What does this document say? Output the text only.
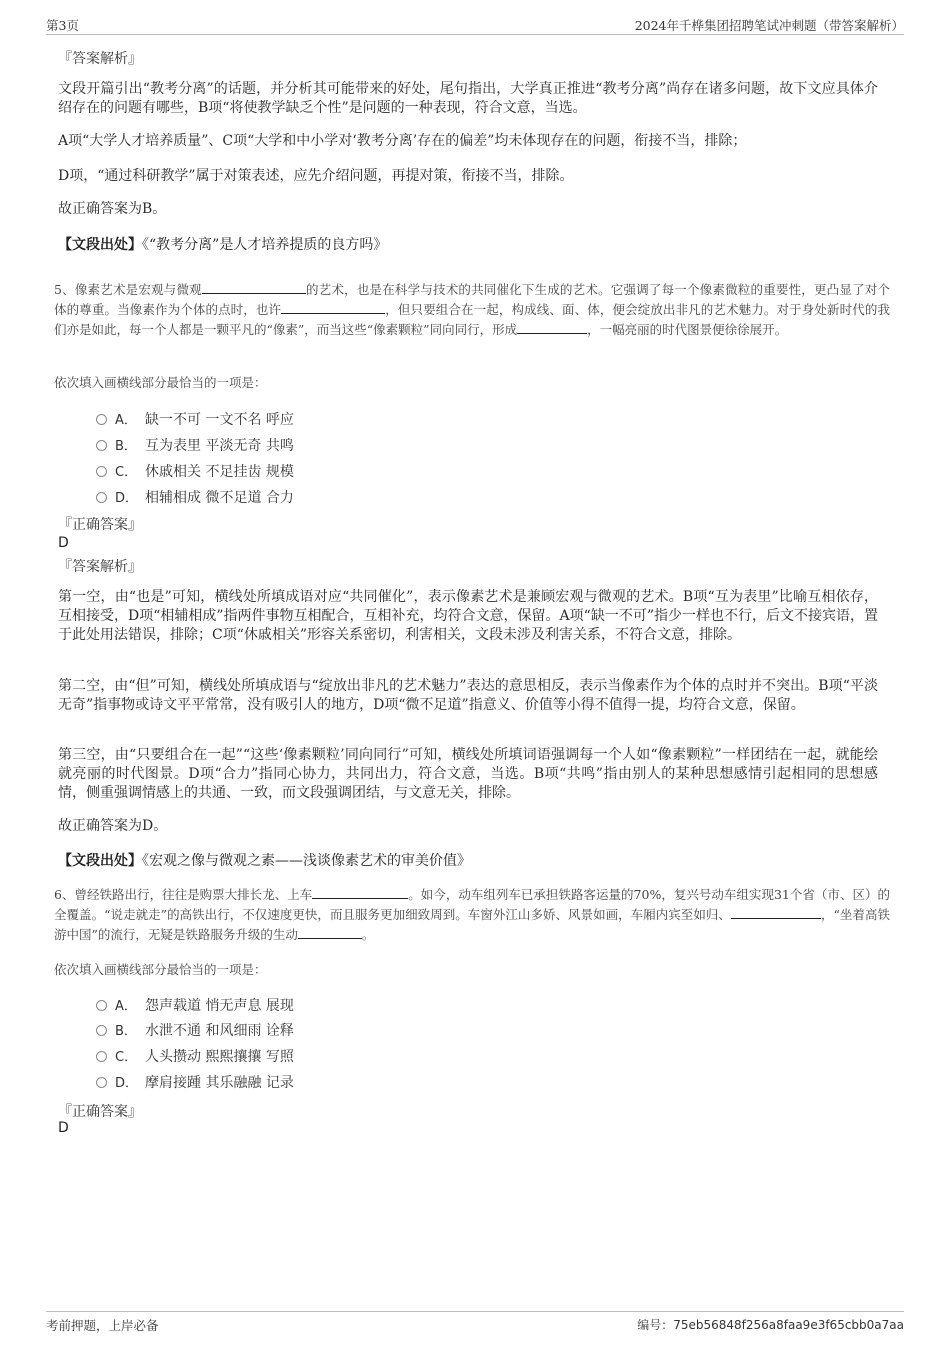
第3页	2024年千桦集团招聘笔试冲刺题（带答案解析）
『答案解析』
文段开篇引出“教考分离”的话题，并分析其可能带来的好处，尾句指出，大学真正推进“教考分离”尚存在诸多问题，故下文应具体介绍存在的问题有哪些，B项“将使教学缺乏个性”是问题的一种表现，符合文意，当选。
A项“大学人才培养质量”、C项“大学和中小学对‘教考分离’存在的偏差”均未体现存在的问题，衔接不当，排除；
D项，“通过科研教学”属于对策表述，应先介绍问题，再提对策，衔接不当，排除。
故正确答案为B。
【文段出处】《“教考分离”是人才培养提质的良方吗》
5、像素艺术是宏观与微观	的艺术，也是在科学与技术的共同催化下生成的艺术。它强调了每一个像素微粒的重要性，更凸显了对个体的尊重。当像素作为个体的点时，也许	，但只要组合在一起，构成线、面、体，便会绽放出非凡的艺术魅力。对于身处新时代的我们亦是如此，每一个人都是一颗平凡的“像素”，而当这些“像素颗粒”同向同行，形成	，一幅亮丽的时代图景便徐徐展开。
依次填入画横线部分最恰当的一项是：
A． 缺一不可 一文不名 呼应
B． 互为表里 平淡无奇 共鸣
C． 休戚相关 不足挂齿 规模
D． 相辅相成 微不足道 合力
『正确答案』
D
『答案解析』
第一空，由“也是”可知，横线处所填成语对应“共同催化”，表示像素艺术是兼顾宏观与微观的艺术。B项“互为表里”比喻互相依存，互相接受，D项“相辅相成”指两件事物互相配合，互相补充，均符合文意，保留。A项“缺一不可”指少一样也不行，后文不接宾语，置于此处用法错误，排除；C项“休戚相关”形容关系密切，利害相关，文段未涉及利害关系，不符合文意，排除。
第二空，由“但”可知，横线处所填成语与“绽放出非凡的艺术魅力”表达的意思相反，表示当像素作为个体的点时并不突出。B项“平淡无奇”指事物或诗文平平常常，没有吸引人的地方，D项“微不足道”指意义、价值等小得不值得一提，均符合文意，保留。
第三空，由“只要组合在一起”“这些‘像素颗粒’同向同行”可知，横线处所填词语强调每一个人如“像素颗粒”一样团结在一起，就能绘就亮丽的时代图景。D项“合力”指同心协力，共同出力，符合文意，当选。B项“共鸣”指由别人的某种思想感情引起相同的思想感情，侧重强调情感上的共通、一致，而文段强调团结，与文意无关，排除。
故正确答案为D。
【文段出处】《宏观之像与微观之素——浅谈像素艺术的审美价值》
6、曾经铁路出行，往往是购票大排长龙、上车	。如今，动车组列车已承担铁路客运量的70%，复兴号动车组实现31个省（市、区）的全覆盖。“说走就走”的高铁出行，不仅速度更快，而且服务更加细致周到。车窗外江山多娇、风景如画，车厢内宾至如归、	，“坐着高铁游中国”的流行，无疑是铁路服务升级的生动	。
依次填入画横线部分最恰当的一项是：
A． 怨声载道 悄无声息 展现
B． 水泄不通 和风细雨 诠释
C． 人头攒动 熙熙攘攘 写照
D． 摩肩接踵 其乐融融 记录
『正确答案』
D
考前押题，上岸必备	编号：75eb56848f256a8faa9e3f65cbb0a7aa
